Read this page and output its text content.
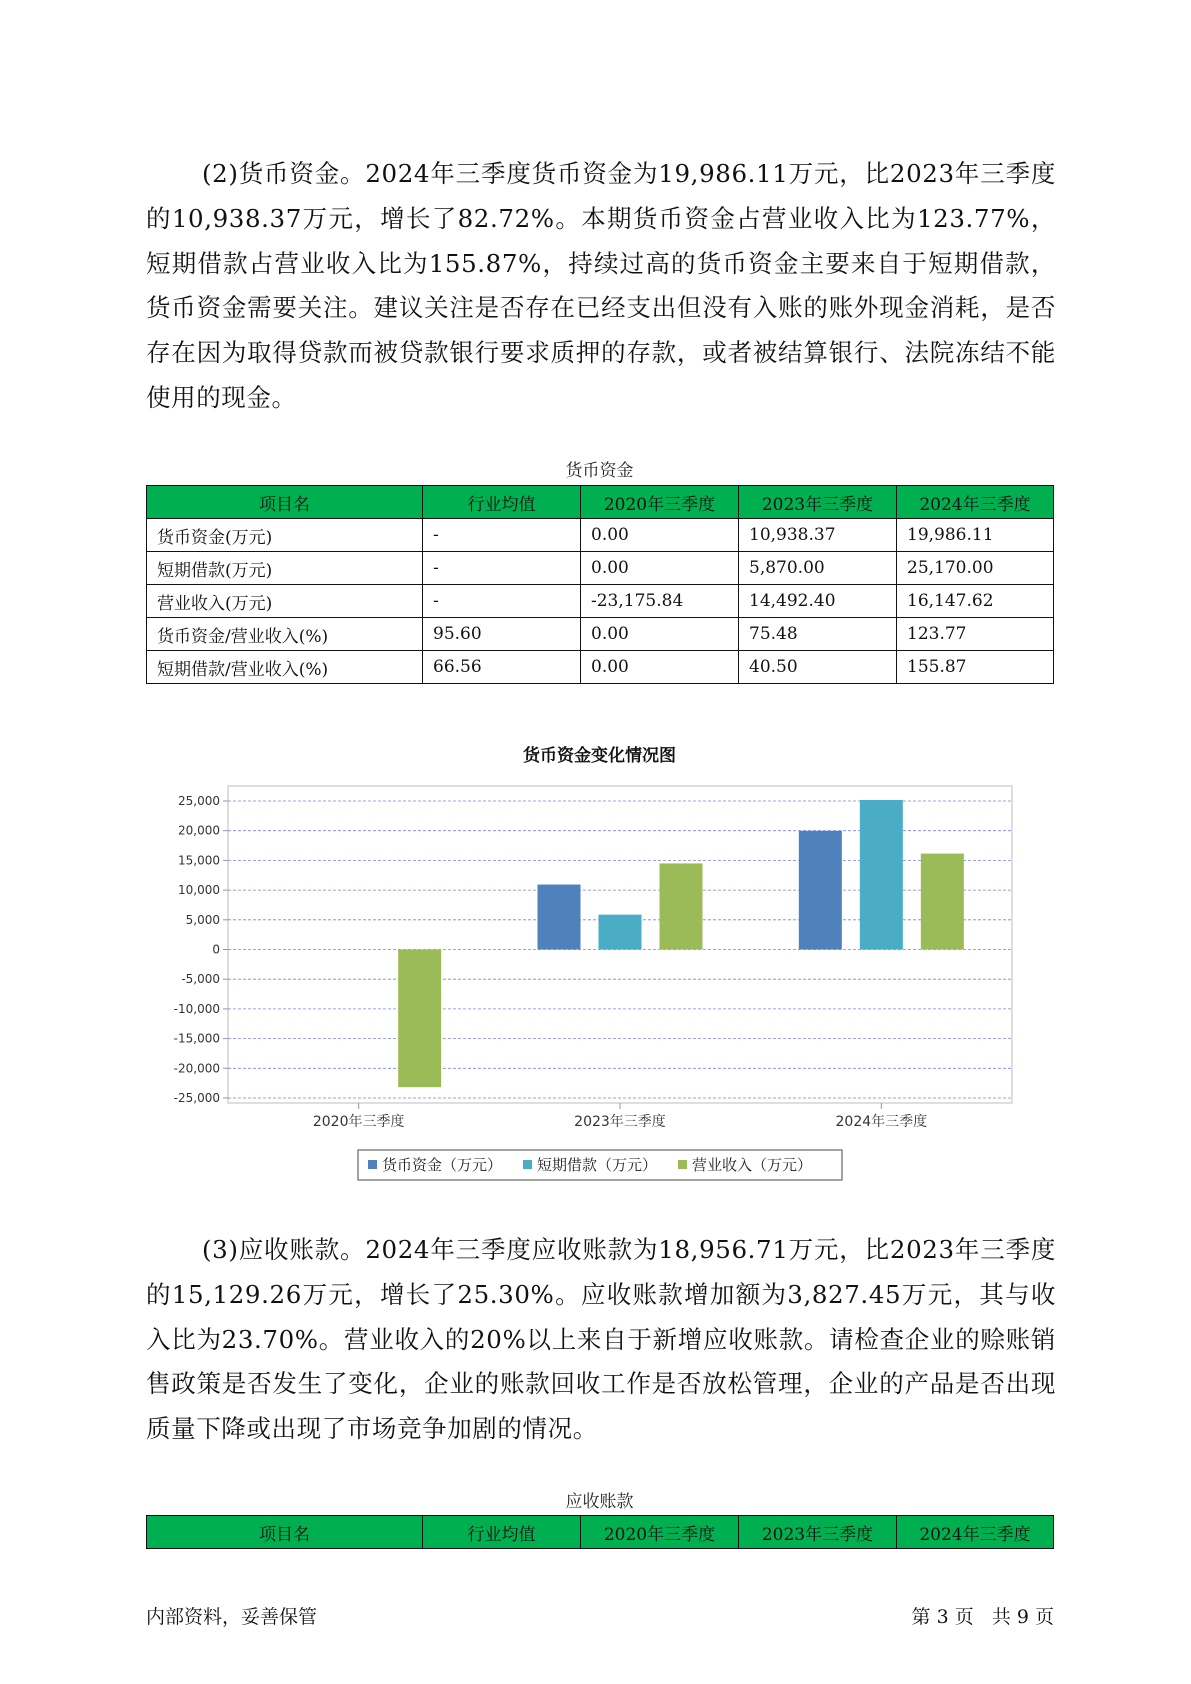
(2)货币资金。2024年三季度货币资金为19,986.11万元，比2023年三季度的10,938.37万元，增长了82.72%。本期货币资金占营业收入比为123.77%，短期借款占营业收入比为155.87%，持续过高的货币资金主要来自于短期借款，货币资金需要关注。建议关注是否存在已经支出但没有入账的账外现金消耗，是否存在因为取得贷款而被贷款银行要求质押的存款，或者被结算银行、法院冻结不能使用的现金。

货币资金
项目名	行业均值	2020年三季度	2023年三季度	2024年三季度
货币资金(万元)	-	0.00	10,938.37	19,986.11
短期借款(万元)	-	0.00	5,870.00	25,170.00
营业收入(万元)	-	-23,175.84	14,492.40	16,147.62
货币资金/营业收入(%)	95.60	0.00	75.48	123.77
短期借款/营业收入(%)	66.56	0.00	40.50	155.87
货币资金变化情况图
25,000
20,000
15,000
10,000
5,000
0
-5,000
-10,000
-15,000
-20,000
-25,000
2020年三季度	2023年三季度	2024年三季度
货币资金（万元） 短期借款（万元） 营业收入（万元）

(3)应收账款。2024年三季度应收账款为18,956.71万元，比2023年三季度的15,129.26万元，增长了25.30%。应收账款增加额为3,827.45万元，其与收入比为23.70%。营业收入的20%以上来自于新增应收账款。请检查企业的赊账销售政策是否发生了变化，企业的账款回收工作是否放松管理，企业的产品是否出现质量下降或出现了市场竞争加剧的情况。

应收账款
项目名	行业均值	2020年三季度	2023年三季度	2024年三季度
内部资料，妥善保管	第 3 页   共 9 页
